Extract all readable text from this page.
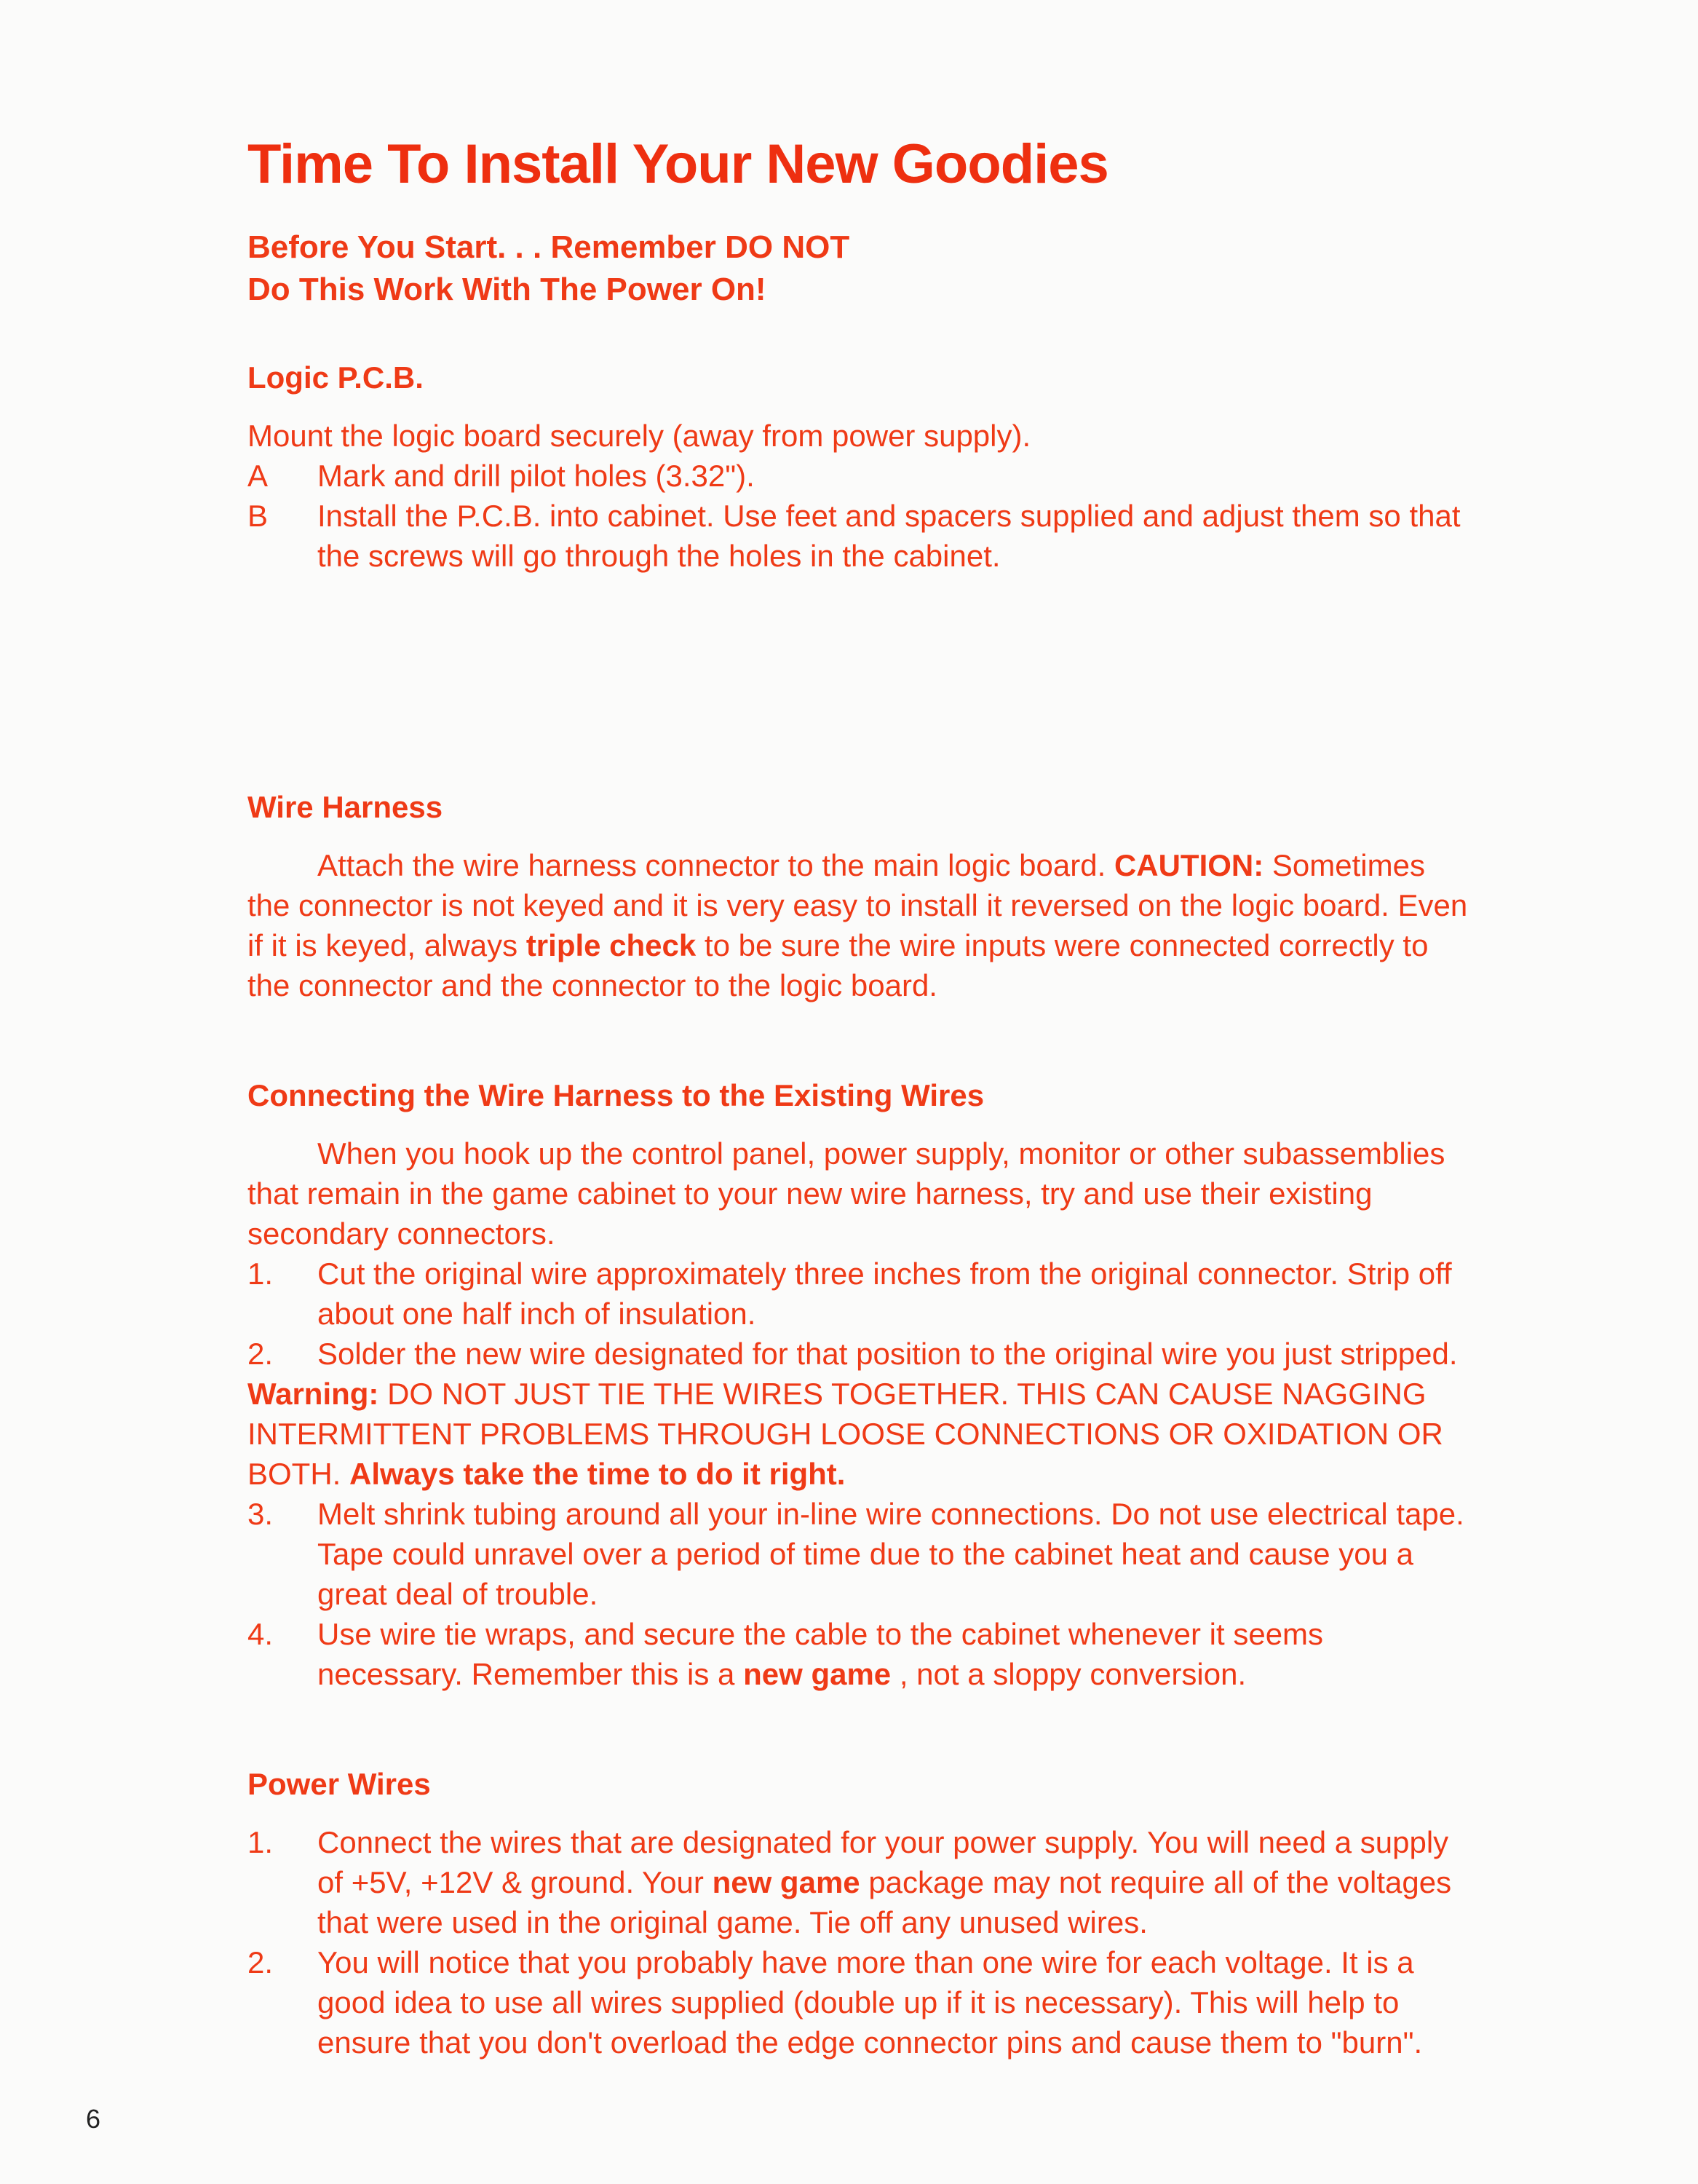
Time To Install Your New Goodies

Before You Start. . . Remember DO NOT

Do This Work With The Power On!

Logic P.C.B.

Mount the logic board securely (away from power supply).

A	Mark and drill pilot holes (3.32").
B	Install the P.C.B. into cabinet. Use feet and spacers supplied and adjust them so that the screws will go through the holes in the cabinet.
Wire Harness

Attach the wire harness connector to the main logic board. CAUTION: Sometimes the connector is not keyed and it is very easy to install it reversed on the logic board. Even if it is keyed, always triple check to be sure the wire inputs were connected correctly to the connector and the connector to the logic board.

Connecting the Wire Harness to the Existing Wires

When you hook up the control panel, power supply, monitor or other subassemblies that remain in the game cabinet to your new wire harness, try and use their existing secondary connectors.

1.	Cut the original wire approximately three inches from the original connector. Strip off about one half inch of insulation.
2.	Solder the new wire designated for that position to the original wire you just stripped.

Warning: DO NOT JUST TIE THE WIRES TOGETHER. THIS CAN CAUSE NAGGING INTERMITTENT PROBLEMS THROUGH LOOSE CONNECTIONS OR OXIDATION OR BOTH. Always take the time to do it right.

3.	Melt shrink tubing around all your in-line wire connections. Do not use electrical tape. Tape could unravel over a period of time due to the cabinet heat and cause you a great deal of trouble.
4.	Use wire tie wraps, and secure the cable to the cabinet whenever it seems necessary. Remember this is a new game , not a sloppy conversion.
Power Wires
1.	Connect the wires that are designated for your power supply. You will need a supply of +5V, +12V & ground. Your new game package may not require all of the voltages that were used in the original game. Tie off any unused wires.
2.	You will notice that you probably have more than one wire for each voltage. It is a good idea to use all wires supplied (double up if it is necessary). This will help to ensure that you don't overload the edge connector pins and cause them to "burn".
6
